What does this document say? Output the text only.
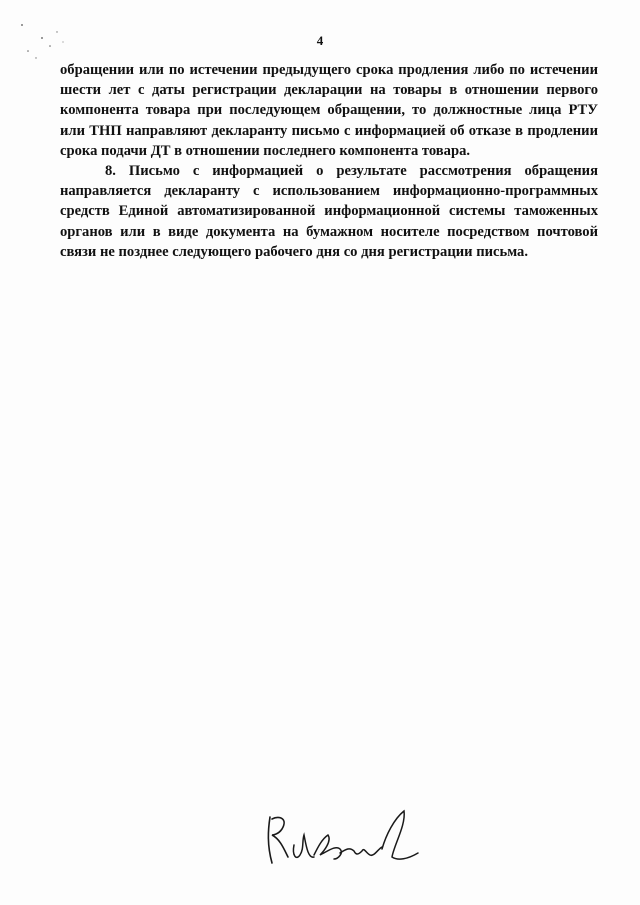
4

обращении или по истечении предыдущего срока продления либо по истечении шести лет с даты регистрации декларации на товары в отношении первого компонента товара при последующем обращении, то должностные лица РТУ или ТНП направляют декларанту письмо с информацией об отказе в продлении срока подачи ДТ в отношении последнего компонента товара.

8. Письмо с информацией о результате рассмотрения обращения направляется декларанту с использованием информационно-программных средств Единой автоматизированной информационной системы таможенных органов или в виде документа на бумажном носителе посредством почтовой связи не позднее следующего рабочего дня со дня регистрации письма.
